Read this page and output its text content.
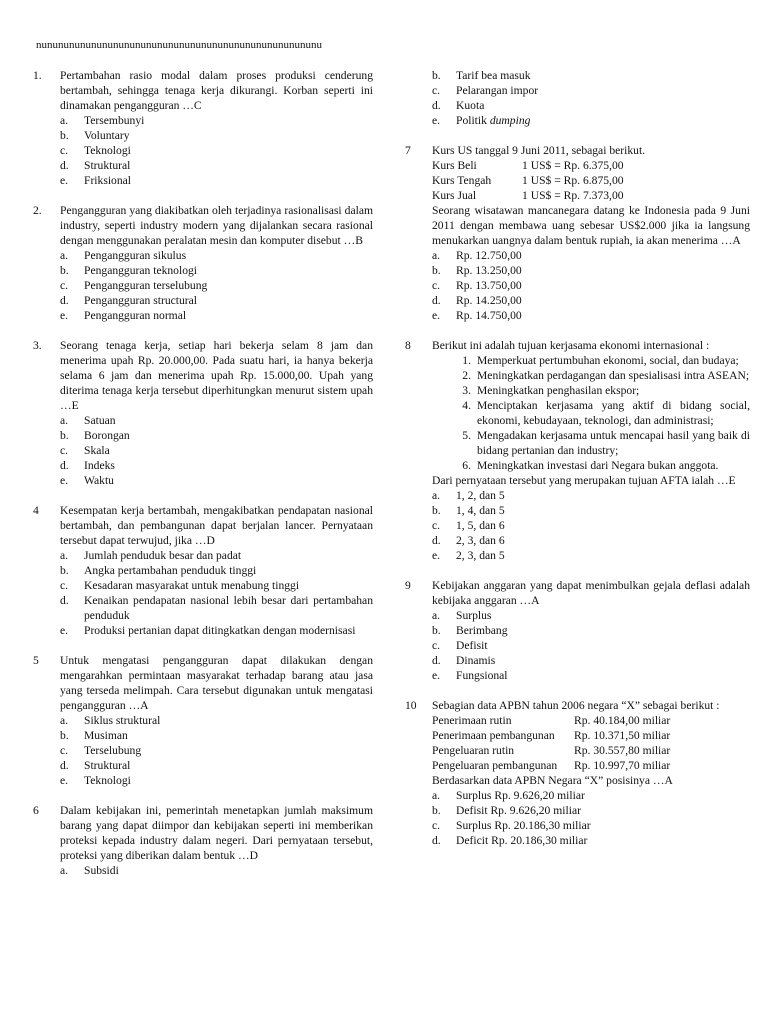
nunununununununununununununununununununununununununu
1.	Pertambahan rasio modal dalam proses produksi cenderung bertambah, sehingga tenaga kerja dikurangi. Korban seperti ini dinamakan pengangguran …C
a.	Tersembunyi
b.	Voluntary
c.	Teknologi
d.	Struktural
e.	Friksional
2.	Pengangguran yang diakibatkan oleh terjadinya rasionalisasi dalam industry, seperti industry modern yang dijalankan secara rasional dengan menggunakan peralatan mesin dan komputer disebut …B
a.	Pengangguran sikulus
b.	Pengangguran teknologi
c.	Pengangguran terselubung
d.	Pengangguran structural
e.	Pengangguran normal
3.	Seorang tenaga kerja, setiap hari bekerja selam 8 jam dan menerima upah Rp. 20.000,00. Pada suatu hari, ia hanya bekerja selama 6 jam dan menerima upah Rp. 15.000,00. Upah yang diterima tenaga kerja tersebut diperhitungkan menurut sistem upah …E
a.	Satuan
b.	Borongan
c.	Skala
d.	Indeks
e.	Waktu
4	Kesempatan kerja bertambah, mengakibatkan pendapatan nasional bertambah, dan pembangunan dapat berjalan lancer. Pernyataan tersebut dapat terwujud, jika …D
a.	Jumlah penduduk besar dan padat
b.	Angka pertambahan penduduk tinggi
c.	Kesadaran masyarakat untuk menabung tinggi
d.	Kenaikan pendapatan nasional lebih besar dari pertambahan penduduk
e.	Produksi pertanian dapat ditingkatkan dengan modernisasi
5	Untuk mengatasi pengangguran dapat dilakukan dengan mengarahkan permintaan masyarakat terhadap barang atau jasa yang terseda melimpah. Cara tersebut digunakan untuk mengatasi pengangguran …A
a.	Siklus struktural
b.	Musiman
c.	Terselubung
d.	Struktural
e.	Teknologi
6	Dalam kebijakan ini, pemerintah menetapkan jumlah maksimum barang yang dapat diimpor dan kebijakan seperti ini memberikan proteksi kepada industry dalam negeri. Dari pernyataan tersebut, proteksi yang diberikan dalam bentuk …D
a.	Subsidi
b.	Tarif bea masuk
c.	Pelarangan impor
d.	Kuota
e.	Politik dumping
7	Kurs US tanggal 9 Juni 2011, sebagai berikut.
Kurs Beli	1 US$ = Rp. 6.375,00
Kurs Tengah	1 US$ = Rp. 6.875,00
Kurs Jual	1 US$ = Rp. 7.373,00
Seorang wisatawan mancanegara datang ke Indonesia pada 9 Juni 2011 dengan membawa uang sebesar US$2.000 jika ia langsung menukarkan uangnya dalam bentuk rupiah, ia akan menerima …A
a.	Rp. 12.750,00
b.	Rp. 13.250,00
c.	Rp. 13.750,00
d.	Rp. 14.250,00
e.	Rp. 14.750,00
8	Berikut ini adalah tujuan kerjasama ekonomi internasional :
1. Memperkuat pertumbuhan ekonomi, social, dan budaya;
2. Meningkatkan perdagangan dan spesialisasi intra ASEAN;
3. Meningkatkan penghasilan ekspor;
4. Menciptakan kerjasama yang aktif di bidang social, ekonomi, kebudayaan, teknologi, dan administrasi;
5. Mengadakan kerjasama untuk mencapai hasil yang baik di bidang pertanian dan industry;
6. Meningkatkan investasi dari Negara bukan anggota.
Dari pernyataan tersebut yang merupakan tujuan AFTA ialah …E
a.	1, 2, dan 5
b.	1, 4, dan 5
c.	1, 5, dan 6
d.	2, 3, dan 6
e.	2, 3, dan 5
9	Kebijakan anggaran yang dapat menimbulkan gejala deflasi adalah kebijaka anggaran …A
a.	Surplus
b.	Berimbang
c.	Defisit
d.	Dinamis
e.	Fungsional
10	Sebagian data APBN tahun 2006 negara “X” sebagai berikut :
Penerimaan rutin	Rp. 40.184,00 miliar
Penerimaan pembangunan	Rp. 10.371,50 miliar
Pengeluaran rutin	Rp. 30.557,80 miliar
Pengeluaran pembangunan	Rp. 10.997,70 miliar
Berdasarkan data APBN Negara “X” posisinya …A
a.	Surplus Rp. 9.626,20 miliar
b.	Defisit Rp. 9.626,20 miliar
c.	Surplus Rp. 20.186,30 miliar
d.	Deficit Rp. 20.186,30 miliar
